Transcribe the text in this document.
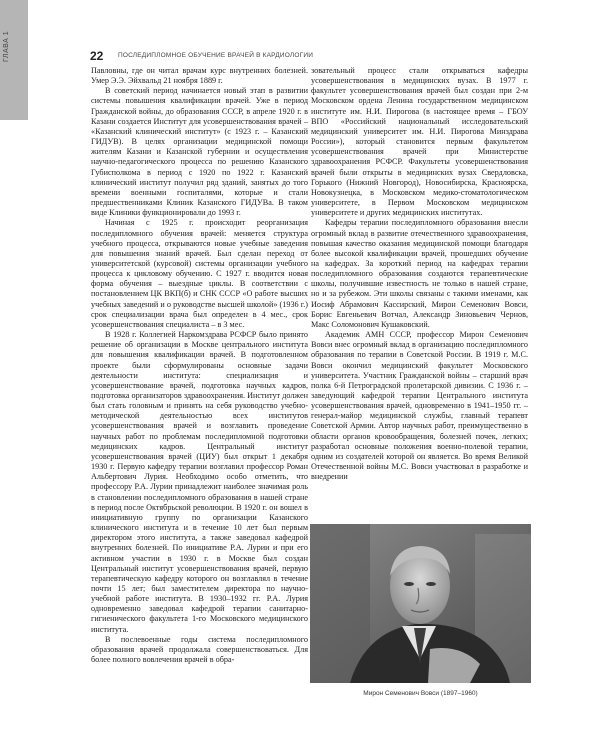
ГЛАВА 1	22 ПОСЛЕДИПЛОМНОЕ ОБУЧЕНИЕ ВРАЧЕЙ В КАРДИОЛОГИИ

Павловны, где он читал врачам курс внутренних болезней. Умер Э.Э. Эйхвальд 21 ноября 1889 г.

В советский период начинается новый этап в развитии системы повышения квалификации врачей. Уже в период Гражданской войны, до образования СССР, в апреле 1920 г. в Казани создается Институт для усовершенствования врачей – «Казанский клинический институт» (с 1923 г. – Казанский ГИДУВ). В целях организации медицинской помощи жителям Казани и Казанской губернии и осуществления научно-педагогического процесса по решению Казанского Губисполкома в период с 1920 по 1922 г. Казанский клинический институт получил ряд зданий, занятых до того времени военными госпиталями, которые и стали предшественниками Клиник Казанского ГИДУВа. В таком виде Клиники функционировали до 1993 г.

Начиная с 1925 г. происходит реорганизация последипломного обучения врачей: меняется структура учебного процесса, открываются новые учебные заведения для повышения знаний врачей. Был сделан переход от университетской (курсовой) системы организации учебного процесса к цикловому обучению. С 1927 г. вводится новая форма обучения – выездные циклы. В соответствии с постановлением ЦК ВКП(б) и СНК СССР «О работе высших учебных заведений и о руководстве высшей школой» (1936 г.) срок специализации врача был определен в 4 мес., срок усовершенствования специалиста – в 3 мес.

В 1928 г. Коллегией Наркомздрава РСФСР было принято решение об организации в Москве центрального института для повышения квалификации врачей. В подготовленном проекте были сформулированы основные задачи деятельности института: специализация и усовершенствование врачей, подготовка научных кадров, подготовка организаторов здравоохранения. Институт должен был стать головным и принять на себя руководство учебно-методической деятельностью всех институтов усовершенствования врачей и возглавить проведение научных работ по проблемам последипломной подготовки медицинских кадров. Центральный институт усовершенствования врачей (ЦИУ) был открыт 1 декабря 1930 г. Первую кафедру терапии возглавил профессор Роман Альбертович Лурия. Необходимо особо отметить, что профессору Р.А. Лурии принадлежит наиболее значимая роль в становлении последипломного образования в нашей стране в период после Октябрьской революции. В 1920 г. он вошел в инициативную группу по организации Казанского клинического института и в течение 10 лет был первым директором этого института, а также заведовал кафедрой внутренних болезней. По инициативе Р.А. Лурии и при его активном участии в 1930 г. в Москве был создан Центральный институт усовершенствования врачей, первую терапевтическую кафедру которого он возглавлял в течение почти 15 лет; был заместителем директора по научно-учебной работе института. В 1930–1932 гг. Р.А. Лурия одновременно заведовал кафедрой терапии санитарно-гигиенического факультета 1-го Московского медицинского института.

В послевоенные годы система последипломного образования врачей продолжала совершенствоваться. Для более полного вовлечения врачей в обра-

зовательный процесс стали открываться кафедры усовершенствования в медицинских вузах. В 1977 г. факультет усовершенствования врачей был создан при 2-м Московском ордена Ленина государственном медицинском институте им. Н.И. Пирогова (в настоящее время – ГБОУ ВПО «Российский национальный исследовательский медицинский университет им. Н.И. Пирогова Минздрава России»), который становится первым факультетом усовершенствования врачей при Министерстве здравоохранения РСФСР. Факультеты усовершенствования врачей были открыты в медицинских вузах Свердловска, Горького (Нижний Новгород), Новосибирска, Красноярска, Новокузнецка, в Московском медико-стоматологическом университете, в Первом Московском медицинском университете и других медицинских институтах.

Кафедры терапии последипломного образования внесли огромный вклад в развитие отечественного здравоохранения, повышая качество оказания медицинской помощи благодаря более высокой квалификации врачей, прошедших обучение на кафедрах. За короткий период на кафедрах терапии последипломного образования создаются терапевтические школы, получившие известность не только в нашей стране, но и за рубежом. Эти школы связаны с такими именами, как Иосиф Абрамович Кассирский, Мирон Семенович Вовси, Борис Евгеньевич Вотчал, Александр Зиновьевич Чернов, Макс Соломонович Кушаковский.

Академик АМН СССР, профессор Мирон Семенович Вовси внес огромный вклад в организацию последипломного образования по терапии в Советской России. В 1919 г. М.С. Вовси окончил медицинский факультет Московского университета. Участник Гражданской войны – старший врач полка 6-й Петроградской пролетарской дивизии. С 1936 г. – заведующий кафедрой терапии Центрального института усовершенствования врачей, одновременно в 1941–1950 гг. – генерал-майор медицинской службы, главный терапевт Советской Армии. Автор научных работ, преимущественно в области органов кровообращения, болезней почек, легких; разработал основные положения военно-полевой терапии, одним из создателей которой он является. Во время Великой Отечественной войны М.С. Вовси участвовал в разработке и внедрении

Мирон Семенович Вовси (1897–1960)
